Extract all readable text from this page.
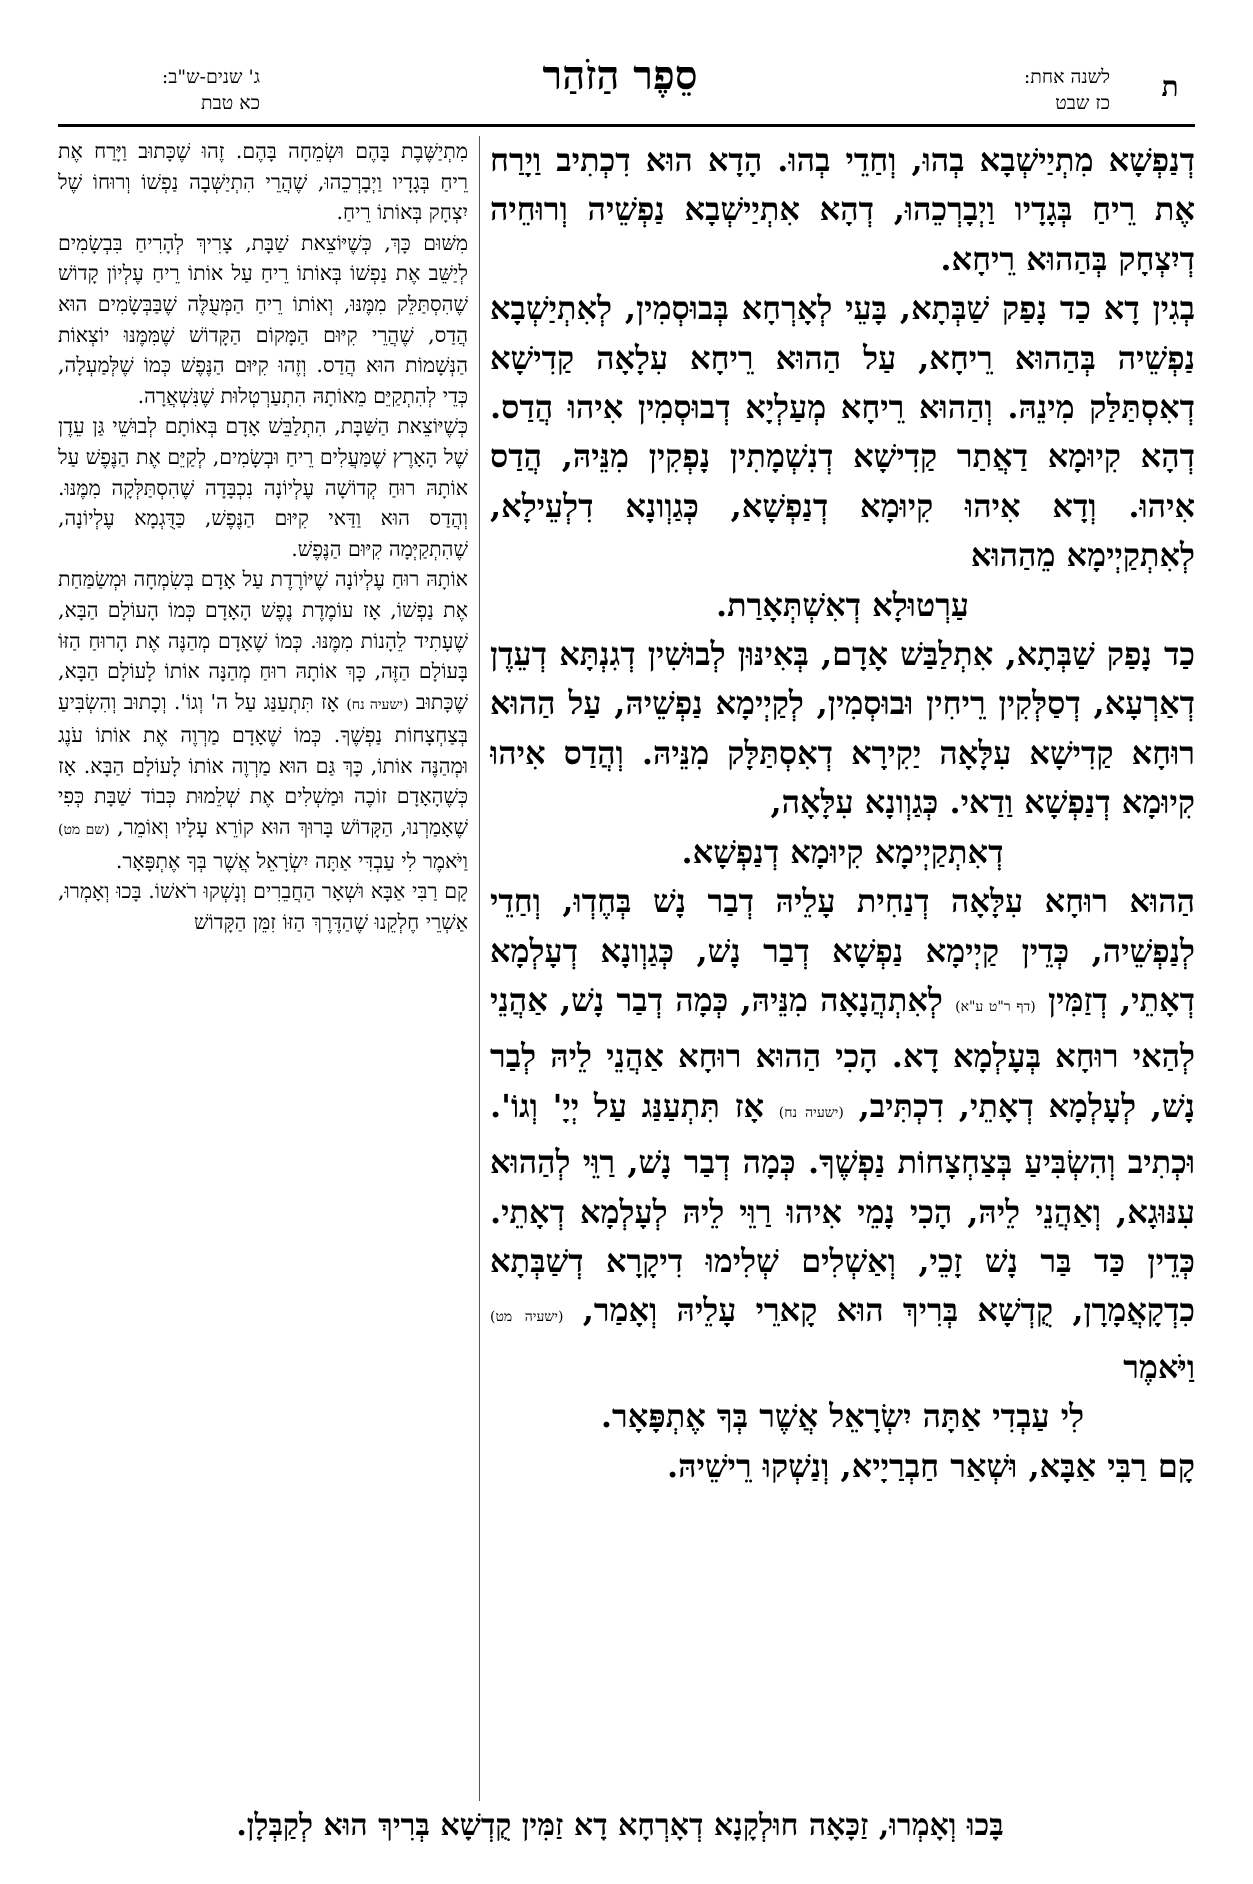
ת
לשנה אחת:
כז שבט
סֵפֶר הַזֹהַר
ג' שנים-ש"ב:
כא טבת

דְנַפְשָׁא מִתְיַישְׁבָא בְהוּ, וְחַדֵי בְהוּ. הָדָא הוּא דִכְתִיב וַיָרַח אֶת רֵיחַ בְּגָדָיו וַיְבָרְכֵהוּ, דְהָא אִתְיַישְׁבָא נַפְשֵׁיה וְרוּחֵיה דְיִצְחָק בְּהַהוּא רֵיחָא.

בְגִין דָא כַד נָפַק שַׁבְּתָא, בָּעֵי לְאָרְחָא בְּבוּסְמִין, לְאִתְיַשְׁבָא נַפְשֵׁיה בְּהַהוּא רֵיחָא, עַל הַהוּא רֵיחָא עִלָאָה קַדִישָׁא דְאִסְתַּלַּק מִינֵהּ. וְהַהוּא רֵיחָא מְעַלְיָא דְבוּסְמִין אִיהוּ הֲדַס. דְהָא קִיוּמָא דַאֲתַר קַדִישָׁא דְנִשְׁמָתִין נָפְקִין מִנֵּיהּ, הֲדַס אִיהוּ. וְדָא אִיהוּ קִיוּמָא דְנַפְשָׁא, כְּגַוְונָא דִלְעֵילָא, לְאִתְקַיְימָא מֵהַהוּא

עַרְטוּלָא דְאִשְׁתְּאָרַת.

כַד נָפַק שַׁבְּתָא, אִתְלַבַּשׁ אָדָם, בְּאִינּוּן לְבוּשִׁין דְגִנְתָּא דְעֵדֶן דְאַרְעָא, דְסַלְּקִין רֵיחִין וּבוּסְמִין, לְקַיְימָא נַפְשֵׁיהּ, עַל הַהוּא רוּחָא קַדִישָׁא עִלָּאָה יַקִירָא דְאִסְתַּלָּק מִנֵּיהּ. וְהֲדַס אִיהוּ קִיוּמָא דְנַפְשָׁא וַדַאי. כְּגַוְונָא עִלָּאָה,

דְאִתְקַיְימָא קִיוּמָא דְנַפְשָׁא.

הַהוּא רוּחָא עִלָּאָה דְנַחִית עָלֵיהּ דְבַר נָשׁ בְּחֶדְוּ, וְחַדֵי לְנַפְשֵׁיה, כְּדֵין קַיְימָא נַפְשָׁא דְבַר נָשׁ, כְּגַוְונָא דְעָלְמָא דְאָתֵי, דְזַמִּין (דף ר"ט ע"א) לְאִתְהֲנָאָה מִנֵּיהּ, כְּמָה דְבַר נָשׁ, אַהֲנֵי לְהַאי רוּחָא בְּעָלְמָא דָא. הָכִי הַהוּא רוּחָא אַהֲנֵי לֵיהּ לְבַר נָשׁ, לְעָלְמָא דְאָתֵי, דִכְתִּיב, (ישעיה נח) אָז תִּתְעַנַּג עַל יְיָ' וְגוֹ'. וּכְתִיב וְהִשְׂבִּיעַ בְּצַחְצָחוֹת נַפְשֶׁךָ. כְּמָה דְבַר נָשׁ, רַוֵּי לְהַהוּא עִנּוּגָא, וְאַהֲנֵי לֵיהּ, הָכִי נָמֵי אִיהוּ רַוֵּי לֵיהּ לְעָלְמָא דְאָתֵי. כְּדֵין כַּד בַּר נָשׁ זָכֵי, וְאַשְׁלִים שְׁלִימוּ דִיקָרָא דְשַׁבְּתָא כִדְקָאֲמָרָן, קֻדְשָׁא בְּרִיךְ הוּא קָארֵי עָלֵיהּ וְאָמַר, (ישעיה מט) וַיֹּאמֶר

לִי עַבְדִי אַתָּה יִשְׂרָאֵל אֲשֶׁר בְּךָ אֶתְפָּאָר.

קָם רַבִּי אַבָּא, וּשְׁאַר חַבְרַיָיא, וְנַשְׁקוּ רֵישֵׁיהּ.

מִתְיַשֶּׁבֶת בָּהֶם וּשְׂמֵחָה בָּהֶם. זֶהוּ שֶׁכָּתוּב וַיָּרַח אֶת רֵיחַ בְּגָדָיו וַיְבָרְכֵהוּ, שֶׁהֲרֵי הִתְיַשְּׁבָה נַפְשׁוֹ וְרוּחוֹ שֶׁל יִצְחָק בְּאוֹתוֹ רֵיחַ.

מִשּׁוּם כָּךְ, כְּשֶׁיּוֹצֵאת שַׁבָּת, צָרִיךְ לְהָרִיחַ בִּבְשָׂמִים לְיַשֵּׁב אֶת נַפְשׁוֹ בְּאוֹתוֹ רֵיחַ עַל אוֹתוֹ רֵיחַ עֶלְיוֹן קָדוֹשׁ שֶׁהִסְתַּלֵּק מִמֶּנּוּ, וְאוֹתוֹ רֵיחַ הַמְּעֻלֶּה שֶׁבַּבְּשָׂמִים הוּא הֲדַס, שֶׁהֲרֵי קִיּוּם הַמָּקוֹם הַקָּדוֹשׁ שֶׁמִּמֶּנּוּ יוֹצְאוֹת הַנְּשָׁמוֹת הוּא הֲדַס. וְזֶהוּ קִיּוּם הַנֶּפֶשׁ כְּמוֹ שֶׁלְּמַעְלָה, כְּדֵי לְהִתְקַיֵּם מֵאוֹתָהּ הִתְעַרְטְלוּת שֶׁנִּשְׁאֲרָה.

כְּשֶׁיּוֹצֵאת הַשַּׁבָּת, הִתְלַבֵּשׁ אָדָם בְּאוֹתָם לְבוּשֵׁי גַּן עֵדֶן שֶׁל הָאָרֶץ שֶׁמַּעֲלִים רֵיחַ וּבְשָׂמִים, לְקַיֵּם אֶת הַנֶּפֶשׁ עַל אוֹתָהּ רוּחַ קְדוֹשָׁה עֶלְיוֹנָה נִכְבָּדָה שֶׁהִסְתַּלְּקָה מִמֶּנּוּ. וְהֲדַס הוּא וַדַּאי קִיּוּם הַנֶּפֶשׁ, כַּדֻּגְמָא עֶלְיוֹנָה, שֶׁהִתְקַיְּמָה קִיּוּם הַנֶּפֶשׁ.

אוֹתָהּ רוּחַ עֶלְיוֹנָה שֶׁיּוֹרֶדֶת עַל אָדָם בְּשִׂמְחָה וּמְשַׂמַּחַת אֶת נַפְשׁוֹ, אָז עוֹמֶדֶת נֶפֶשׁ הָאָדָם כְּמוֹ הָעוֹלָם הַבָּא, שֶׁעָתִיד לֵהָנוֹת מִמֶּנּוּ. כְּמוֹ שֶׁאָדָם מְהַנֶּה אֶת הָרוּחַ הַזּוֹ בָּעוֹלָם הַזֶּה, כָּךְ אוֹתָהּ רוּחַ מְהַנָּה אוֹתוֹ לָעוֹלָם הַבָּא, שֶׁכָּתוּב (ישעיה נח) אָז תִּתְעַנַּג עַל ה' וְגוֹ'. וְכָתוּב וְהִשְׂבִּיעַ בְּצַחְצָחוֹת נַפְשֶׁךָ. כְּמוֹ שֶׁאָדָם מַרְוֶה אֶת אוֹתוֹ עֹנֶג וּמְהַנֶּה אוֹתוֹ, כָּךְ גַּם הוּא מַרְוֶה אוֹתוֹ לָעוֹלָם הַבָּא. אָז כְּשֶׁהָאָדָם זוֹכֶה וּמַשְׁלִים אֶת שְׁלֵמוּת כְּבוֹד שַׁבָּת כְּפִי שֶׁאָמַרְנוּ, הַקָּדוֹשׁ בָּרוּךְ הוּא קוֹרֵא עָלָיו וְאוֹמֵר, (שם מט) וַיֹּאמֶר לִי עַבְדִּי אַתָּה יִשְׂרָאֵל אֲשֶׁר בְּךָ אֶתְפָּאָר.

קָם רַבִּי אַבָּא וּשְׁאָר הַחֲבֵרִים וְנָשְׁקוּ רֹאשׁוֹ. בָּכוּ וְאָמְרוּ, אַשְׁרֵי חֶלְקֵנוּ שֶׁהַדֶּרֶךְ הַזּוֹ זִמֵּן הַקָּדוֹשׁ

בָּכוּ וְאָמְרוּ, זַכָּאָה חוּלְקָנָא דְאָרְחָא דָא זַמִּין קֻדְשָׁא בְּרִיךְ הוּא לְקַבְּלָן.
